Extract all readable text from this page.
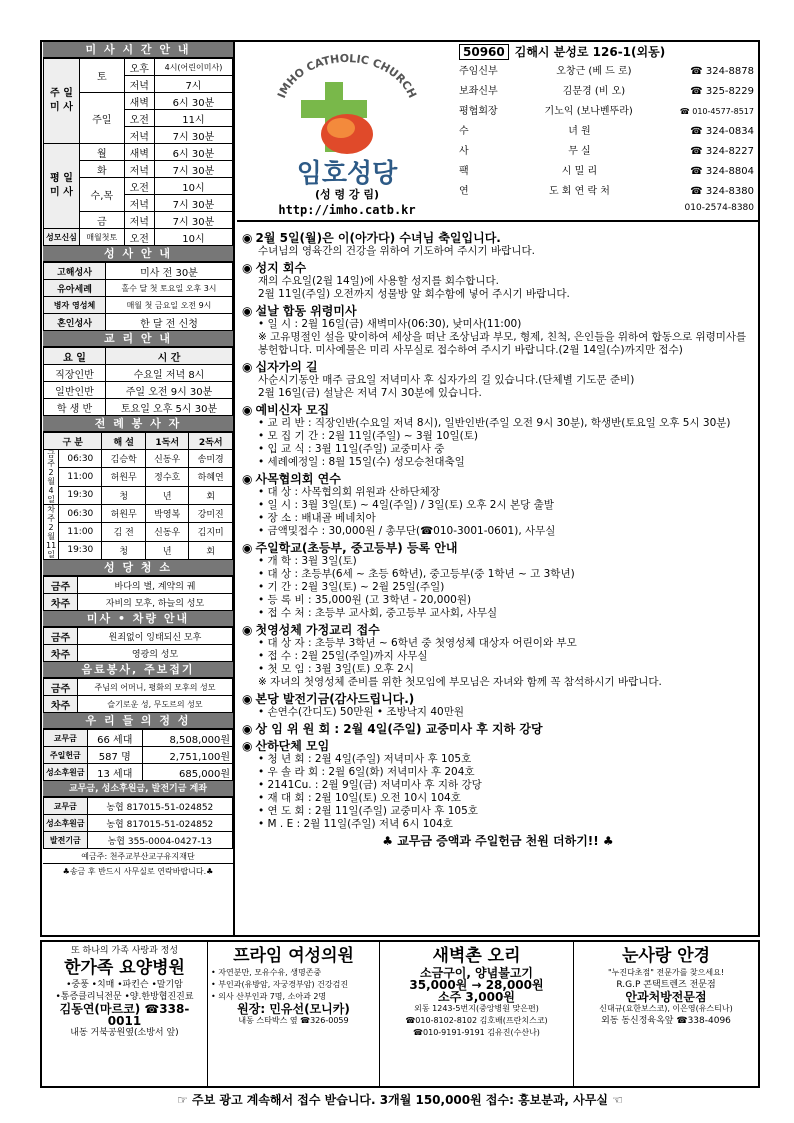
미 사 시 간 안 내
주 일 미 사	토	오후	4시(어린이미사)
		저녁	7시
	주일	새벽	6시 30분
		오전	11시
		저녁	7시 30분
평 일 미 사	월	새벽	6시 30분
	화	저녁	7시 30분
	수,목	오전	10시
		저녁	7시 30분
	금	저녁	7시 30분
성모신심	매월첫토	오전	10시
성 사 안 내
고해성사	미사 전 30분
유아세례	홀수 달 첫 토요일 오후 3시
병자 영성체	매월 첫 금요일 오전 9시
혼인성사	한 달 전 신청
교 리 안 내
요 일	시 간
직장인반	수요일 저녁 8시
일반인반	주일 오전 9시 30분
학 생 반	토요일 오후 5시 30분
전 례 봉 사 자
구 분		해 설	1독서	2독서
금주 2월4일	06:30	김승학	신동우	송미경
	11:00	허원무	정수호	하혜연
	19:30	청	년	회
차주 2월11일	06:30	허원무	박영복	강미진
	11:00	김 전	신동우	김지미
	19:30	청	년	회
성 당 청 소
금주	바다의 별, 계약의 궤
차주	자비의 모후, 하늘의 성모
미사 • 차량 안내
금주	원죄없이 잉태되신 모후
차주	영광의 성모
음료봉사, 주보접기
금주	주님의 어머니, 평화의 모후의 성모
차주	슬기로운 성, 무도르의 성모
우 리 들 의 정 성
교무금	66 세대	8,508,000원
주일헌금	587 명	2,751,100원
성소후원금	13 세대	685,000원
교무금, 성소후원금, 발전기금 계좌
교무금	농협 817015-51-024852
성소후원금	농협 817015-51-024852
발전기금	농협 355-0004-0427-13
예금주: 천주교부산교구유지재단
♣송금 후 반드시 사무실로 연락바랍니다.♣
IMHO CATHOLIC CHURCH
임호성당
(성 령 강 림)
http://imho.catb.kr
50960 김해시 분성로 126-1(외동)
주임신부	오창근 (베 드 로)	☎ 324-8878
보좌신부	김문경 (비 오)	☎ 325-8229
평협회장	기노익 (보나벤뚜라)	☎ 010-4577-8517
수	녀 원	☎ 324-0834
사	무 실	☎ 324-8227
팩	시 밀 리	☎ 324-8804
연	도 회 연 락 처	☎ 324-8380
010-2574-8380
◉ 2월 5일(월)은 이(아가다) 수녀님 축일입니다.

수녀님의 영육간의 건강을 위하여 기도하여 주시기 바랍니다.

◉ 성지 회수

재의 수요일(2월 14일)에 사용할 성지를 회수합니다.

2월 11일(주일) 오전까지 성물방 앞 회수함에 넣어 주시기 바랍니다.

◉ 설날 합동 위령미사

• 일 시 : 2월 16일(금) 새벽미사(06:30), 낮미사(11:00)

※ 고유명절인 설을 맞이하여 세상을 떠난 조상님과 부모, 형제, 친척, 은인들을 위하여 합동으로 위령미사를 봉헌합니다. 미사예물은 미리 사무실로 접수하여 주시기 바랍니다.(2월 14일(수)까지만 접수)

◉ 십자가의 길

사순시기동안 매주 금요일 저녁미사 후 십자가의 길 있습니다.(단체별 기도문 준비)

2월 16일(금) 설날은 저녁 7시 30분에 있습니다.

◉ 예비신자 모집
• 교 리 반 : 직장인반(수요일 저녁 8시), 일반인반(주일 오전 9시 30분), 학생반(토요일 오후 5시 30분)
• 모 집 기 간 : 2월 11일(주일) ~ 3월 10일(토)
• 입 교 식 : 3월 11일(주일) 교중미사 중
• 세례예정일 : 8월 15일(수) 성모승천대축일
◉ 사목협의회 연수
• 대 상 : 사목협의회 위원과 산하단체장
• 일 시 : 3월 3일(토) ~ 4일(주일) / 3일(토) 오후 2시 본당 출발
• 장 소 : 배내골 베네치아
• 금액및접수 : 30,000원 / 총무단(☎010-3001-0601), 사무실
◉ 주일학교(초등부, 중고등부) 등록 안내
• 개 학 : 3월 3일(토)
• 대 상 : 초등부(6세 ~ 초등 6학년), 중고등부(중 1학년 ~ 고 3학년)
• 기 간 : 2월 3일(토) ~ 2월 25일(주일)
• 등 록 비 : 35,000원 (고 3학년 - 20,000원)
• 접 수 처 : 초등부 교사회, 중고등부 교사회, 사무실
◉ 첫영성체 가정교리 접수
• 대 상 자 : 초등부 3학년 ~ 6학년 중 첫영성체 대상자 어린이와 부모
• 접 수 : 2월 25일(주일)까지 사무실
• 첫 모 임 : 3월 3일(토) 오후 2시
※ 자녀의 첫영성체 준비를 위한 첫모임에 부모님은 자녀와 함께 꼭 참석하시기 바랍니다.
◉ 본당 발전기금(감사드립니다.)

• 손연수(간디도) 50만원 • 조방낙지 40만원

◉ 상 임 위 원 회 : 2월 4일(주일) 교중미사 후 지하 강당
◉ 산하단체 모임
• 청 년 회 : 2월 4일(주일) 저녁미사 후 105호
• 우 솔 라 회 : 2월 6일(화) 저녁미사 후 204호
• 2141Cu. : 2월 9일(금) 저녁미사 후 지하 강당
• 재 대 회 : 2월 10일(토) 오전 10시 104호
• 연 도 회 : 2월 11일(주일) 교중미사 후 105호
• M . E : 2월 11일(주일) 저녁 6시 104호
♣ 교무금 증액과 주일헌금 천원 더하기!! ♣
또 하나의 가족 사랑과 정성
한가족 요양병원
•중풍 •치매 •파킨슨 •말기암
•통증클리닉전문 •양.한방협진진료
김동연(마르코) ☎338-0011
내동 거북공원옆(소방서 앞)
프라임 여성의원
• 자연분만, 모유수유, 생명존중
• 부인과(유방암, 자궁경부암) 건강검진
• 의사 산부인과 7명, 소아과 2명
원장: 민유선(모니카)
내동 스타박스 옆 ☎326-0059
새벽촌 오리
소금구이, 양념불고기
35,000원 → 28,000원
소주 3,000원
외동 1243-5번지(중앙병원 맞은편)
☎010-8102-8102 김호배(프란치스코)
☎010-9191-9191 김유진(수산나)
눈사랑 안경
"누진다초점" 전문가를 찾으세요!
R.G.P 콘택트렌즈 전문점
안과처방전문점
신대규(요한보스코), 이은영(유스티나)
외동 동신정육옥앞 ☎338-4096
☞ 주보 광고 계속해서 접수 받습니다. 3개월 150,000원 접수: 홍보분과, 사무실 ☜
